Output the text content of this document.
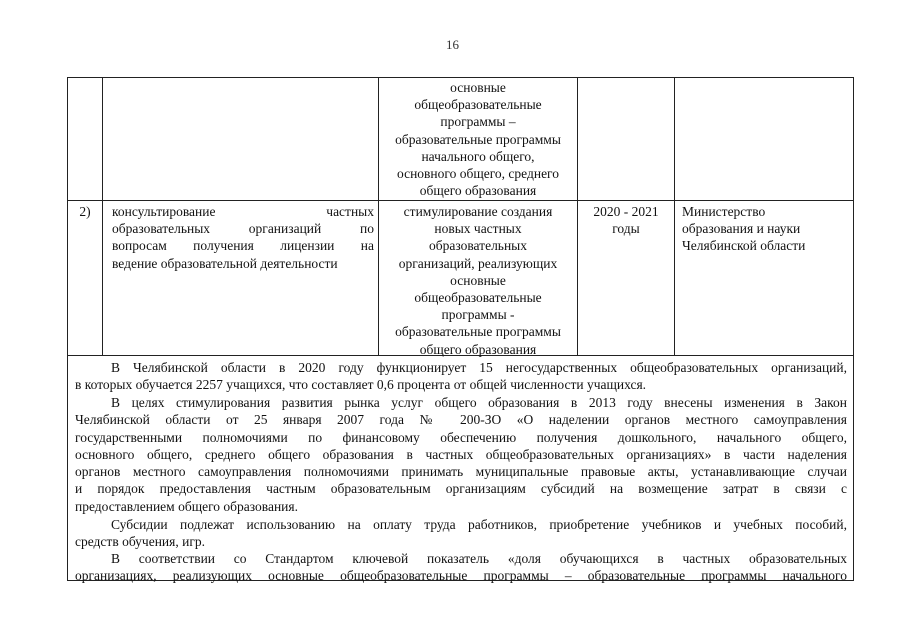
16
основные
общеобразовательные
программы –
образовательные программы
начального общего,
основного общего, среднего
общего образования
2)	консультирование частных
образовательных организаций по
вопросам получения лицензии на
ведение образовательной деятельности
стимулирование создания
новых частных
образовательных
организаций, реализующих
основные
общеобразовательные
программы -
образовательные программы
общего образования
2020 - 2021
годы
Министерство
образования и науки
Челябинской области
В Челябинской области в 2020 году функционирует 15 негосударственных общеобразовательных организаций,
в которых обучается 2257 учащихся, что составляет 0,6 процента от общей численности учащихся.
В целях стимулирования развития рынка услуг общего образования в 2013 году внесены изменения в Закон
Челябинской области от 25 января 2007 года № 200-ЗО «О наделении органов местного самоуправления
государственными полномочиями по финансовому обеспечению получения дошкольного, начального общего,
основного общего, среднего общего образования в частных общеобразовательных организациях» в части наделения
органов местного самоуправления полномочиями принимать муниципальные правовые акты, устанавливающие случаи
и порядок предоставления частным образовательным организациям субсидий на возмещение затрат в связи с
предоставлением общего образования.
Субсидии подлежат использованию на оплату труда работников, приобретение учебников и учебных пособий,
средств обучения, игр.
В соответствии со Стандартом ключевой показатель «доля обучающихся в частных образовательных
организациях, реализующих основные общеобразовательные программы – образовательные программы начального
